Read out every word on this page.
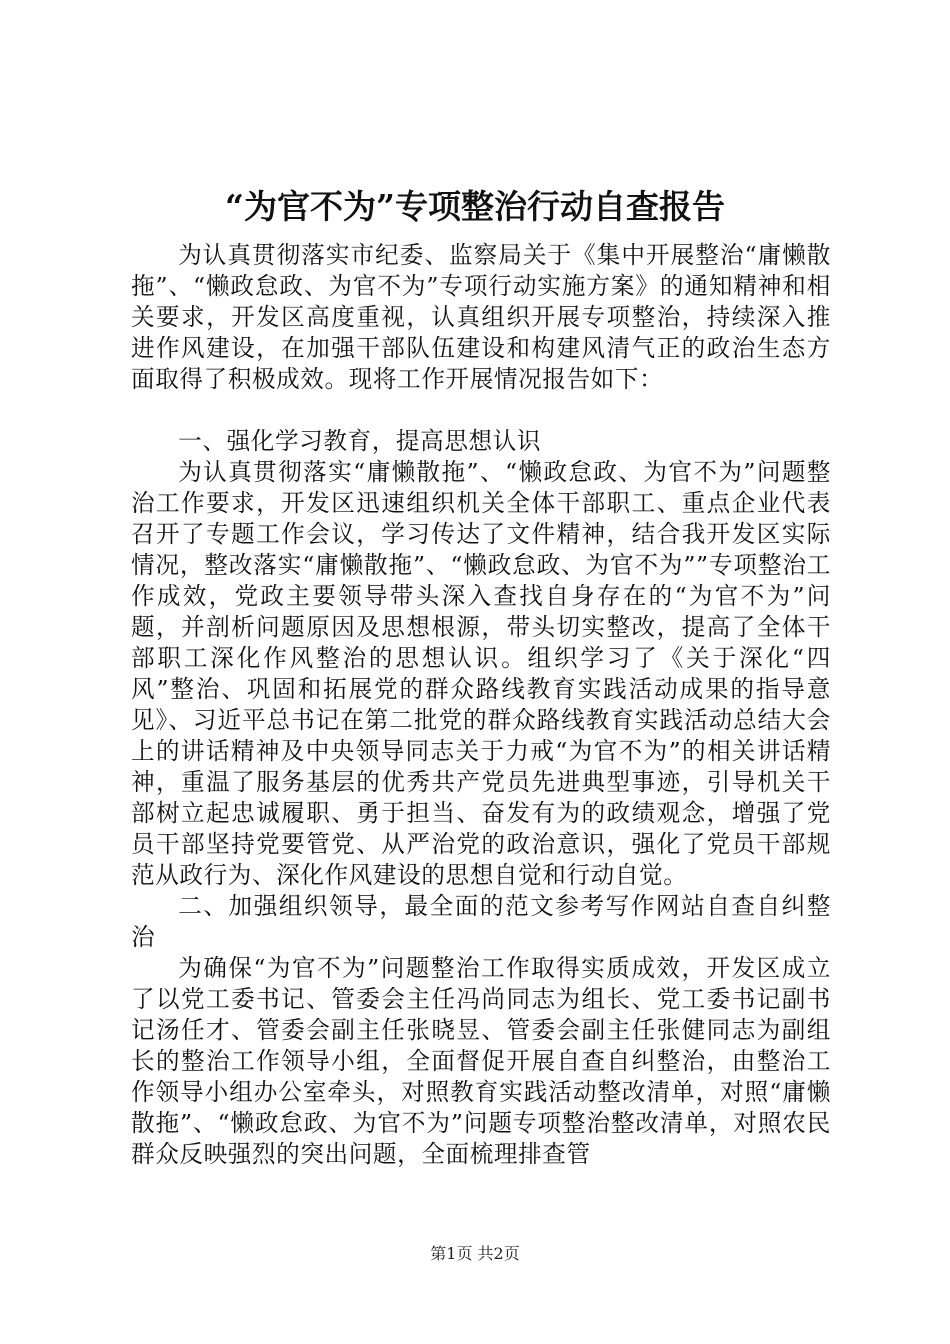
“为官不为”专项整治行动自查报告

为认真贯彻落实市纪委、监察局关于《集中开展整治“庸懒散拖”、“懒政怠政、为官不为”专项行动实施方案》的通知精神和相关要求，开发区高度重视，认真组织开展专项整治，持续深入推进作风建设，在加强干部队伍建设和构建风清气正的政治生态方面取得了积极成效。现将工作开展情况报告如下：

一、强化学习教育，提高思想认识

为认真贯彻落实“庸懒散拖”、“懒政怠政、为官不为”问题整治工作要求，开发区迅速组织机关全体干部职工、重点企业代表召开了专题工作会议，学习传达了文件精神，结合我开发区实际情况，整改落实“庸懒散拖”、“懒政怠政、为官不为””专项整治工作成效，党政主要领导带头深入查找自身存在的“为官不为”问题，并剖析问题原因及思想根源，带头切实整改，提高了全体干部职工深化作风整治的思想认识。组织学习了《关于深化“四风”整治、巩固和拓展党的群众路线教育实践活动成果的指导意见》、习近平总书记在第二批党的群众路线教育实践活动总结大会上的讲话精神及中央领导同志关于力戒“为官不为”的相关讲话精神，重温了服务基层的优秀共产党员先进典型事迹，引导机关干部树立起忠诚履职、勇于担当、奋发有为的政绩观念，增强了党员干部坚持党要管党、从严治党的政治意识，强化了党员干部规范从政行为、深化作风建设的思想自觉和行动自觉。

二、加强组织领导，最全面的范文参考写作网站自查自纠整治

为确保“为官不为”问题整治工作取得实质成效，开发区成立了以党工委书记、管委会主任冯尚同志为组长、党工委书记副书记汤任才、管委会副主任张晓昱、管委会副主任张健同志为副组长的整治工作领导小组，全面督促开展自查自纠整治，由整治工作领导小组办公室牵头，对照教育实践活动整改清单，对照“庸懒散拖”、“懒政怠政、为官不为”问题专项整治整改清单，对照农民群众反映强烈的突出问题，全面梳理排查管

第1页 共2页
